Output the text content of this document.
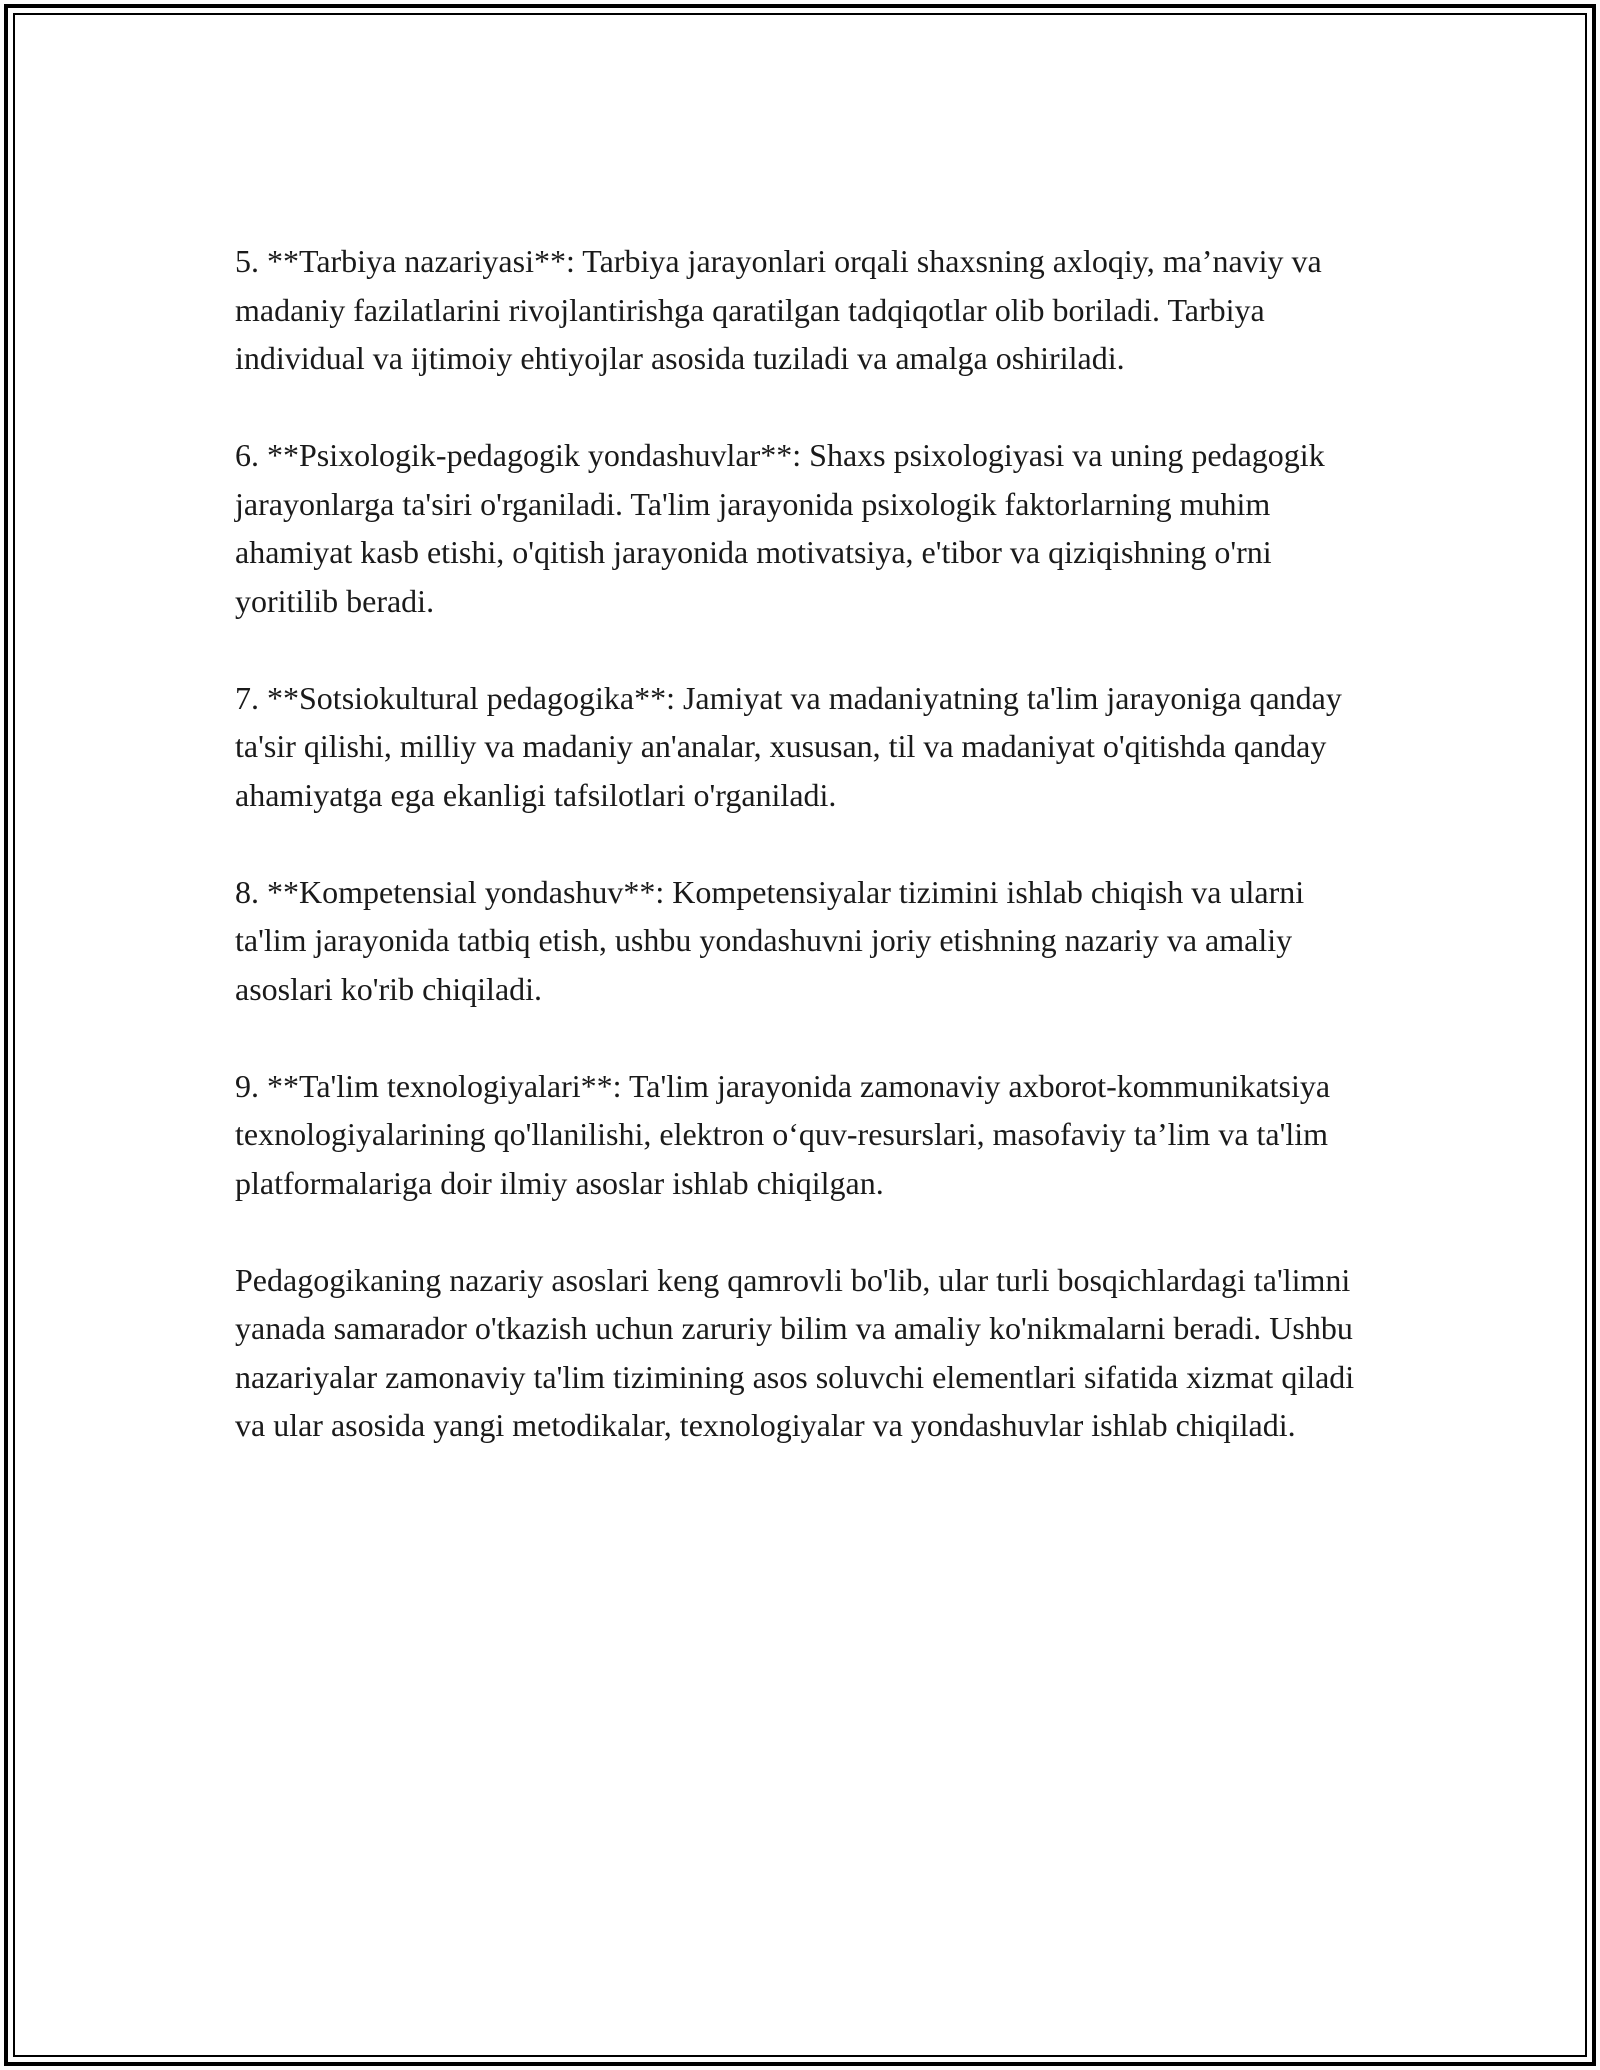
5. **Tarbiya nazariyasi**: Tarbiya jarayonlari orqali shaxsning axloqiy, ma’naviy va madaniy fazilatlarini rivojlantirishga qaratilgan tadqiqotlar olib boriladi. Tarbiya individual va ijtimoiy ehtiyojlar asosida tuziladi va amalga oshiriladi.

6. **Psixologik-pedagogik yondashuvlar**: Shaxs psixologiyasi va uning pedagogik jarayonlarga ta'siri o'rganiladi. Ta'lim jarayonida psixologik faktorlarning muhim ahamiyat kasb etishi, o'qitish jarayonida motivatsiya, e'tibor va qiziqishning o'rni yoritilib beradi.

7. **Sotsiokultural pedagogika**: Jamiyat va madaniyatning ta'lim jarayoniga qanday ta'sir qilishi, milliy va madaniy an'analar, xususan, til va madaniyat o'qitishda qanday ahamiyatga ega ekanligi tafsilotlari o'rganiladi.

8. **Kompetensial yondashuv**: Kompetensiyalar tizimini ishlab chiqish va ularni ta'lim jarayonida tatbiq etish, ushbu yondashuvni joriy etishning nazariy va amaliy asoslari ko'rib chiqiladi.

9. **Ta'lim texnologiyalari**: Ta'lim jarayonida zamonaviy axborot-kommunikatsiya texnologiyalarining qo'llanilishi, elektron o‘quv-resurslari, masofaviy ta’lim va ta'lim platformalariga doir ilmiy asoslar ishlab chiqilgan.

Pedagogikaning nazariy asoslari keng qamrovli bo'lib, ular turli bosqichlardagi ta'limni yanada samarador o'tkazish uchun zaruriy bilim va amaliy ko'nikmalarni beradi. Ushbu nazariyalar zamonaviy ta'lim tizimining asos soluvchi elementlari sifatida xizmat qiladi va ular asosida yangi metodikalar, texnologiyalar va yondashuvlar ishlab chiqiladi.
